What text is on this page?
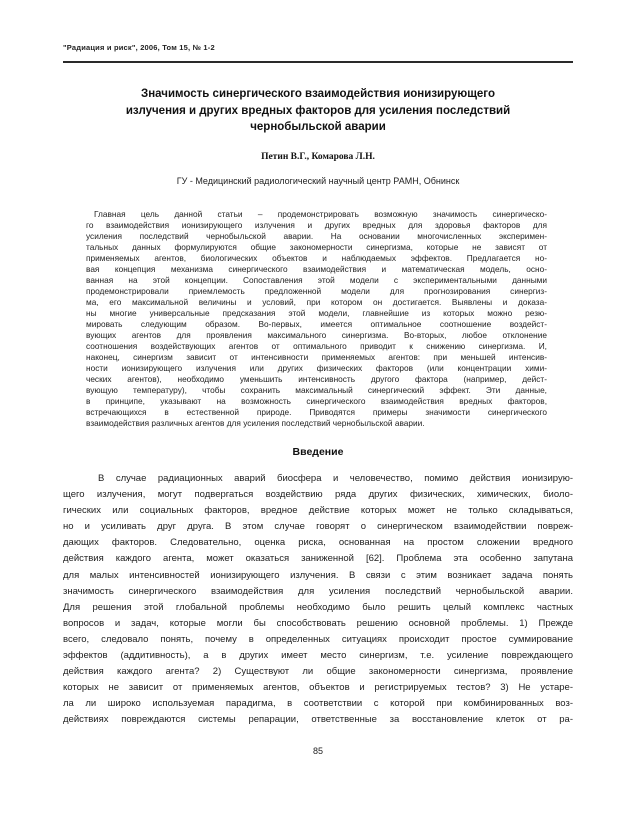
"Радиация и риск", 2006, Том 15, № 1-2
Значимость синергического взаимодействия ионизирующего
излучения и других вредных факторов для усиления последствий
чернобыльской аварии
Петин В.Г., Комарова Л.Н.
ГУ - Медицинский радиологический научный центр РАМН, Обнинск
Главная цель данной статьи – продемонстрировать возможную значимость синергическо-
го взаимодействия ионизирующего излучения и других вредных для здоровья факторов для
усиления последствий чернобыльской аварии. На основании многочисленных эксперимен-
тальных данных формулируются общие закономерности синергизма, которые не зависят от
применяемых агентов, биологических объектов и наблюдаемых эффектов. Предлагается но-
вая концепция механизма синергического взаимодействия и математическая модель, осно-
ванная на этой концепции. Сопоставления этой модели с экспериментальными данными
продемонстрировали приемлемость предложенной модели для прогнозирования синергиз-
ма, его максимальной величины и условий, при котором он достигается. Выявлены и доказа-
ны многие универсальные предсказания этой модели, главнейшие из которых можно резю-
мировать следующим образом. Во-первых, имеется оптимальное соотношение воздейст-
вующих агентов для проявления максимального синергизма. Во-вторых, любое отклонение
соотношения воздействующих агентов от оптимального приводит к снижению синергизма. И,
наконец, синергизм зависит от интенсивности применяемых агентов: при меньшей интенсив-
ности ионизирующего излучения или других физических факторов (или концентрации хими-
ческих агентов), необходимо уменьшить интенсивность другого фактора (например, дейст-
вующую температуру), чтобы сохранить максимальный синергический эффект. Эти данные,
в принципе, указывают на возможность синергического взаимодействия вредных факторов,
встречающихся в естественной природе. Приводятся примеры значимости синергического
взаимодействия различных агентов для усиления последствий чернобыльской аварии.
Введение
В случае радиационных аварий биосфера и человечество, помимо действия ионизирую-
щего излучения, могут подвергаться воздействию ряда других физических, химических, биоло-
гических или социальных факторов, вредное действие которых может не только складываться,
но и усиливать друг друга. В этом случае говорят о синергическом взаимодействии повреж-
дающих факторов. Следовательно, оценка риска, основанная на простом сложении вредного
действия каждого агента, может оказаться заниженной [62]. Проблема эта особенно запутана
для малых интенсивностей ионизирующего излучения. В связи с этим возникает задача понять
значимость синергического взаимодействия для усиления последствий чернобыльской аварии.
Для решения этой глобальной проблемы необходимо было решить целый комплекс частных
вопросов и задач, которые могли бы способствовать решению основной проблемы. 1) Прежде
всего, следовало понять, почему в определенных ситуациях происходит простое суммирование
эффектов (аддитивность), а в других имеет место синергизм, т.е. усиление повреждающего
действия каждого агента? 2) Существуют ли общие закономерности синергизма, проявление
которых не зависит от применяемых агентов, объектов и регистрируемых тестов? 3) Не устаре-
ла ли широко используемая парадигма, в соответствии с которой при комбинированных воз-
действиях повреждаются системы репарации, ответственные за восстановление клеток от ра-
85
